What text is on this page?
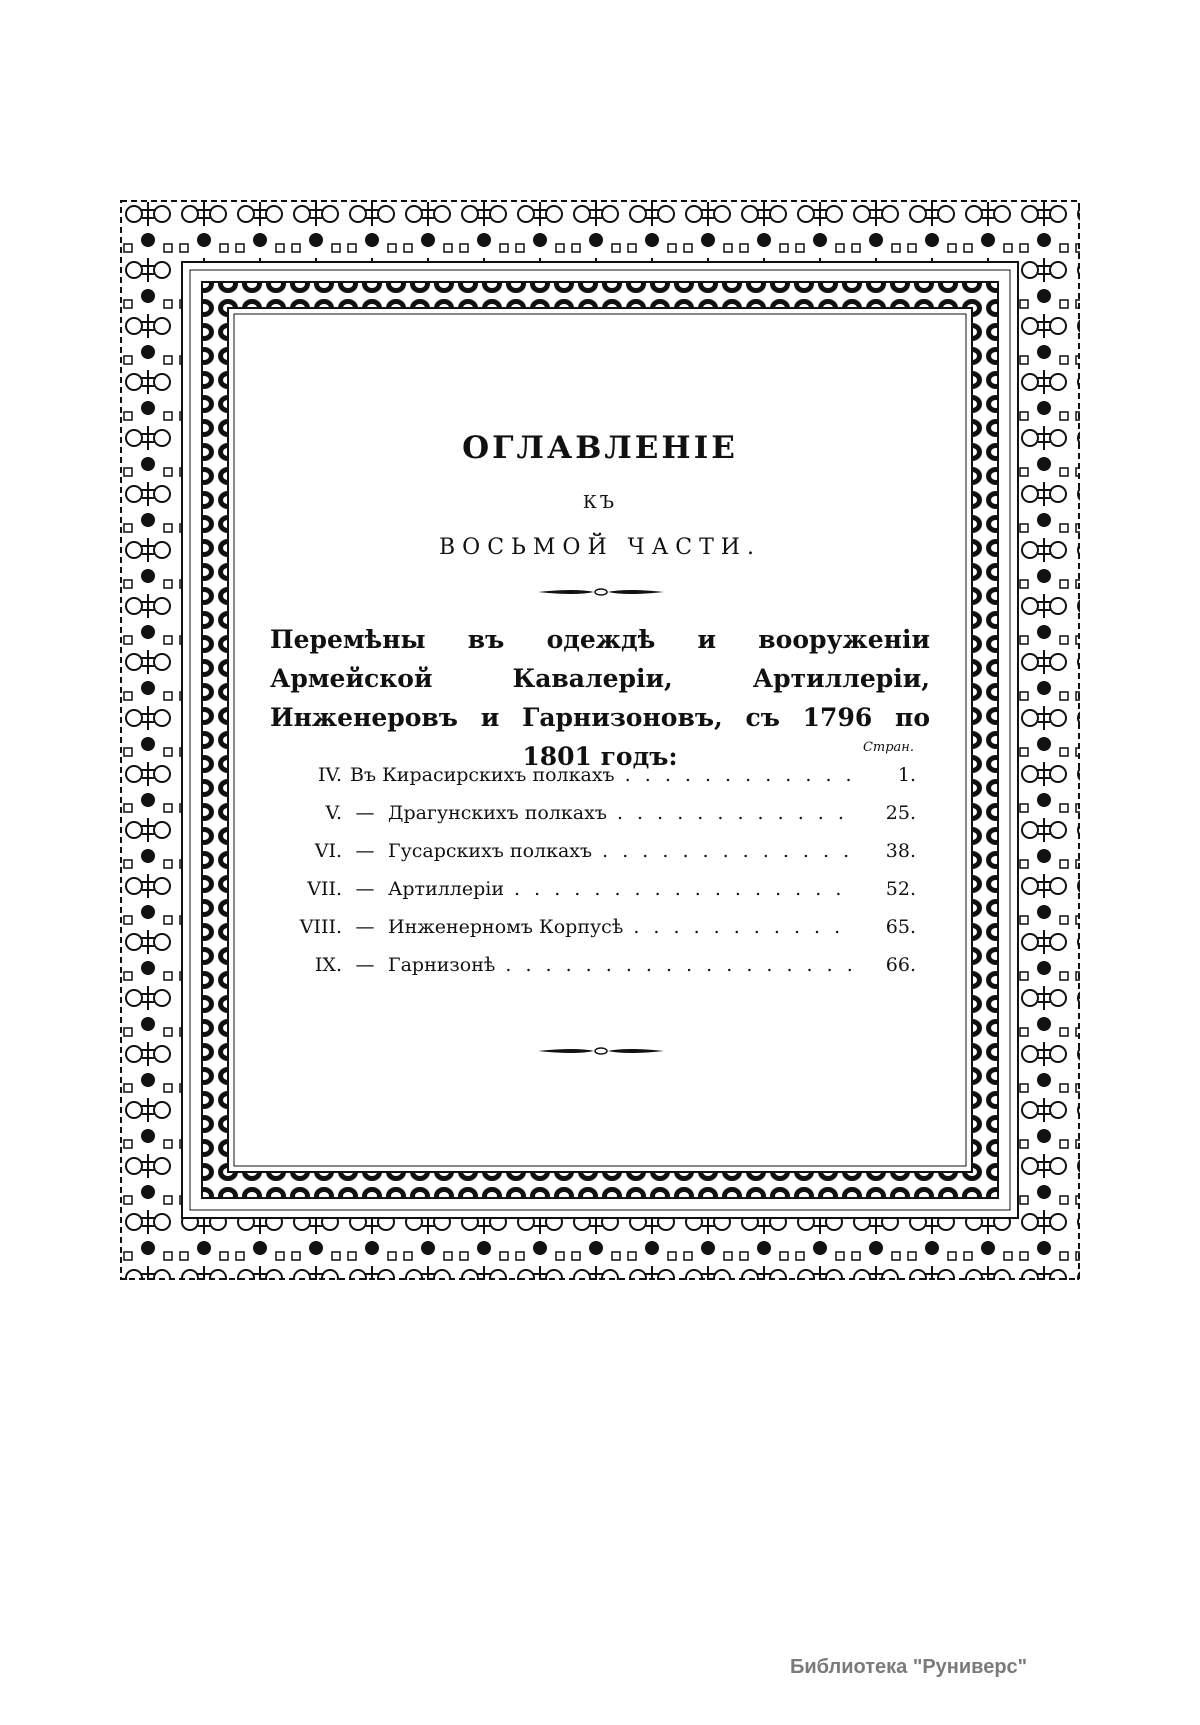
ОГЛАВЛЕНІЕ
КЪ
ВОСЬМОЙ ЧАСТИ.
Перемѣны въ одеждѣ и вооруженіи Армейской Кавалеріи, Артиллеріи, Инженеровъ и Гарнизоновъ, съ 1796 по 1801 годъ:	Стран.
IV. Въ Кирасирскихъ полкахъ . . .	1.
V. — Драгунскихъ полкахъ . . .	25.
VI. — Гусарскихъ полкахъ . . .	38.
VII. — Артиллеріи . . .	52.
VIII. — Инженерномъ Корпусѣ . . .	65.
IX. — Гарнизонѣ . . .	66.
Библиотека "Руниверс"
